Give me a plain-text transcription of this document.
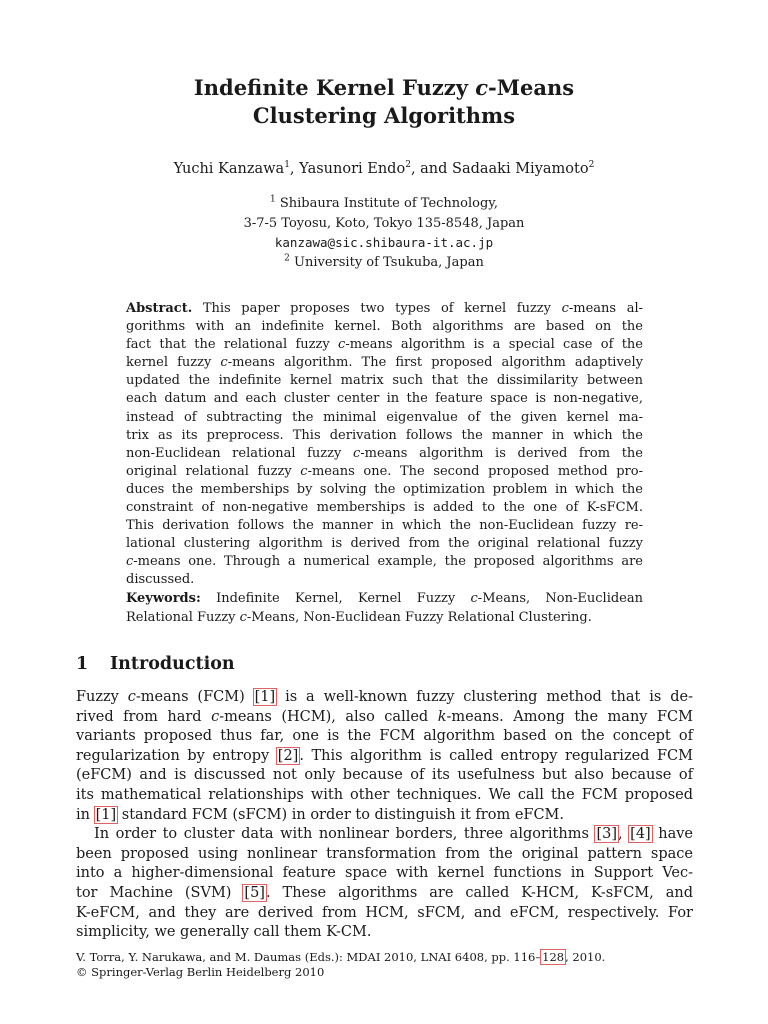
Indefinite Kernel Fuzzy c-Means
Clustering Algorithms
Yuchi Kanzawa$^1$, Yasunori Endo$^2$, and Sadaaki Miyamoto$^2$
$^1$ Shibaura Institute of Technology,
3-7-5 Toyosu, Koto, Tokyo 135-8548, Japan
kanzawa@sic.shibaura-it.ac.jp
$^2$ University of Tsukuba, Japan
Abstract. This paper proposes two types of kernel fuzzy c-means al-
gorithms with an indefinite kernel. Both algorithms are based on the
fact that the relational fuzzy c-means algorithm is a special case of the
kernel fuzzy c-means algorithm. The first proposed algorithm adaptively
updated the indefinite kernel matrix such that the dissimilarity between
each datum and each cluster center in the feature space is non-negative,
instead of subtracting the minimal eigenvalue of the given kernel ma-
trix as its preprocess. This derivation follows the manner in which the
non-Euclidean relational fuzzy c-means algorithm is derived from the
original relational fuzzy c-means one. The second proposed method pro-
duces the memberships by solving the optimization problem in which the
constraint of non-negative memberships is added to the one of K-sFCM.
This derivation follows the manner in which the non-Euclidean fuzzy re-
lational clustering algorithm is derived from the original relational fuzzy
c-means one. Through a numerical example, the proposed algorithms are
discussed.
Keywords: Indefinite Kernel, Kernel Fuzzy c-Means, Non-Euclidean
Relational Fuzzy c-Means, Non-Euclidean Fuzzy Relational Clustering.
1 Introduction
Fuzzy c-means (FCM) [1] is a well-known fuzzy clustering method that is de-
rived from hard c-means (HCM), also called k-means. Among the many FCM
variants proposed thus far, one is the FCM algorithm based on the concept of
regularization by entropy [2]. This algorithm is called entropy regularized FCM
(eFCM) and is discussed not only because of its usefulness but also because of
its mathematical relationships with other techniques. We call the FCM proposed
in [1] standard FCM (sFCM) in order to distinguish it from eFCM.
In order to cluster data with nonlinear borders, three algorithms [3], [4] have
been proposed using nonlinear transformation from the original pattern space
into a higher-dimensional feature space with kernel functions in Support Vec-
tor Machine (SVM) [5]. These algorithms are called K-HCM, K-sFCM, and
K-eFCM, and they are derived from HCM, sFCM, and eFCM, respectively. For
simplicity, we generally call them K-CM.
V. Torra, Y. Narukawa, and M. Daumas (Eds.): MDAI 2010, LNAI 6408, pp. 116–128, 2010.
© Springer-Verlag Berlin Heidelberg 2010
